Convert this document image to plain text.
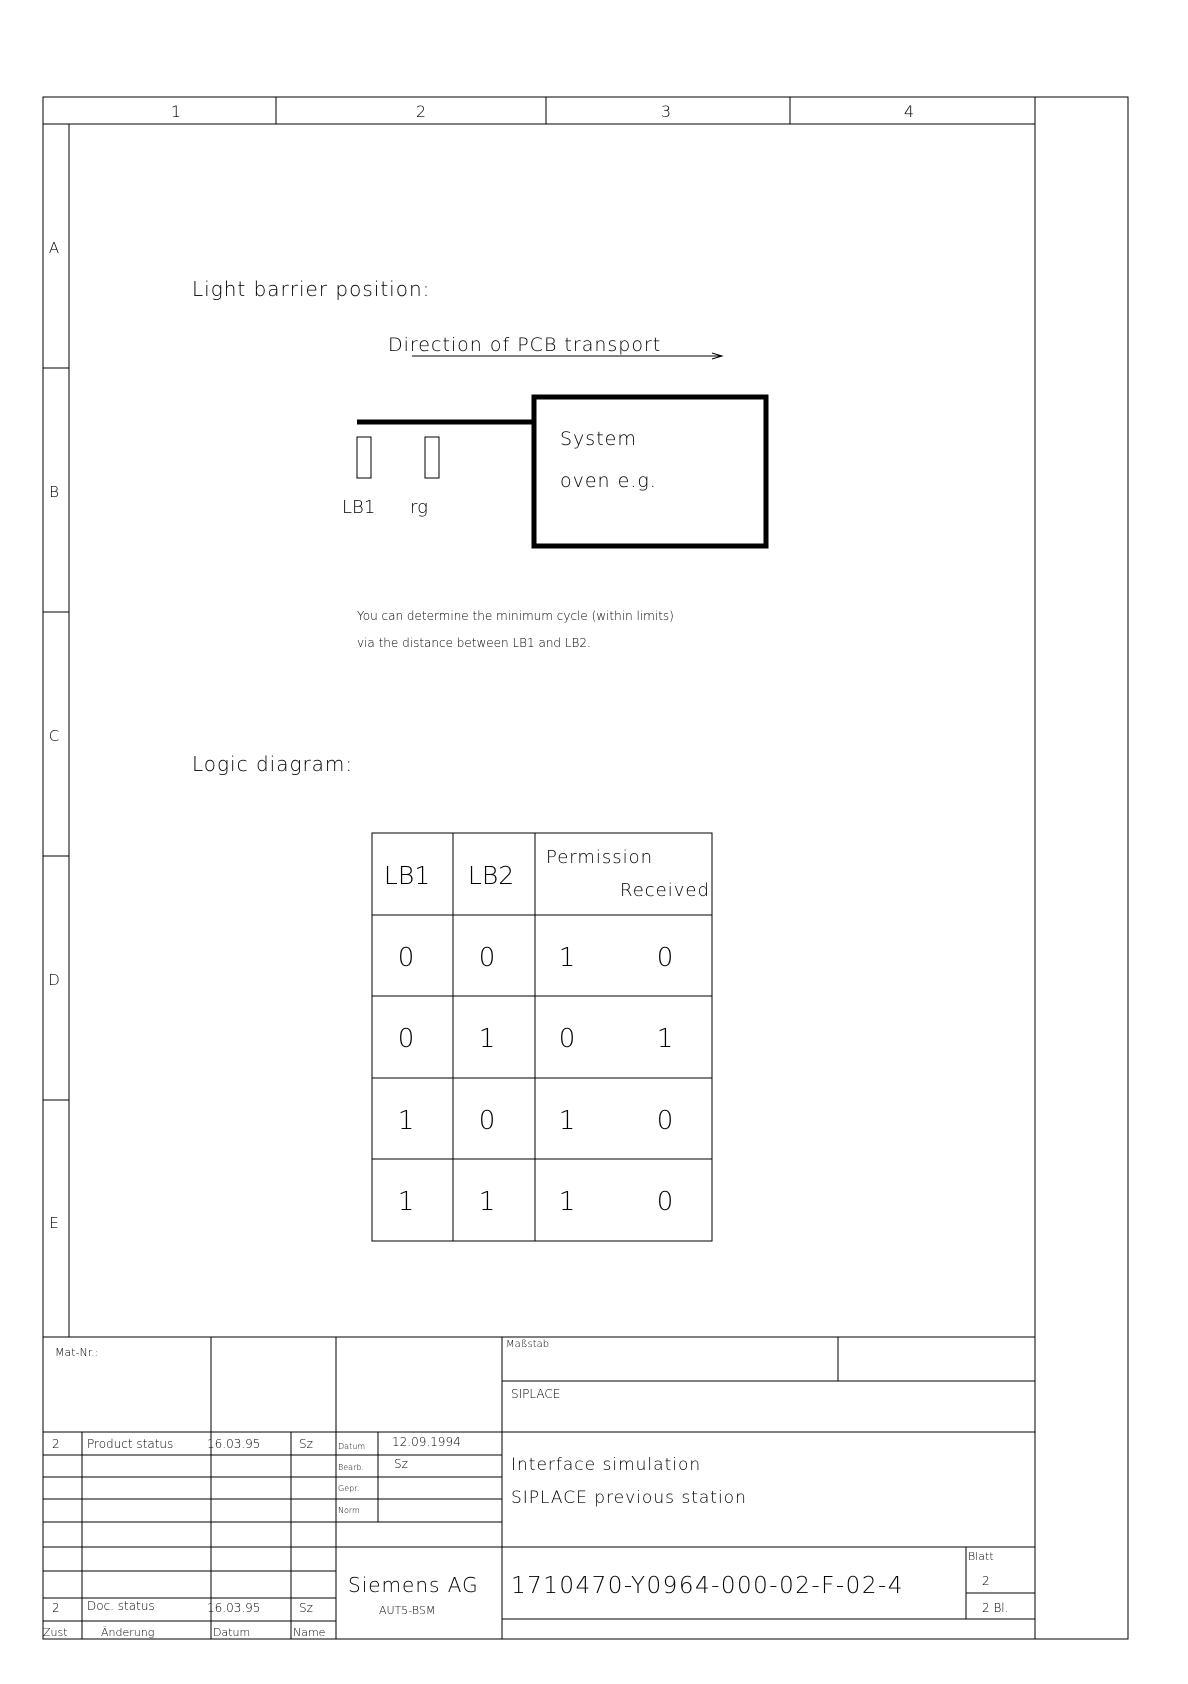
1	2	3	4
A
B
C
D
E
Light barrier position:
Direction of PCB transport
System
oven e.g.
LB1 rg
You can determine the minimum cycle (within limits)
via the distance between LB1 and LB2.
Logic diagram:
LB1 LB2
Permission
Received
0 0 1	0
0 1 0	1
1 0 1	0
1 1 1	0
Mat-Nr.:
Maßstab
SIPLACE
2 Product status	16.03.95	Sz
2 Doc. status	16.03.95	Sz
Zust	Änderung	Datum	Name
Datum 12.09.1994
Bearb.	Sz
Gepr.
Norm
Interface simulation
SIPLACE previous station
Siemens AG
AUT5-BSM
1710470-Y0964-000-02-F-02-4
Blatt
2
2 Bl.
